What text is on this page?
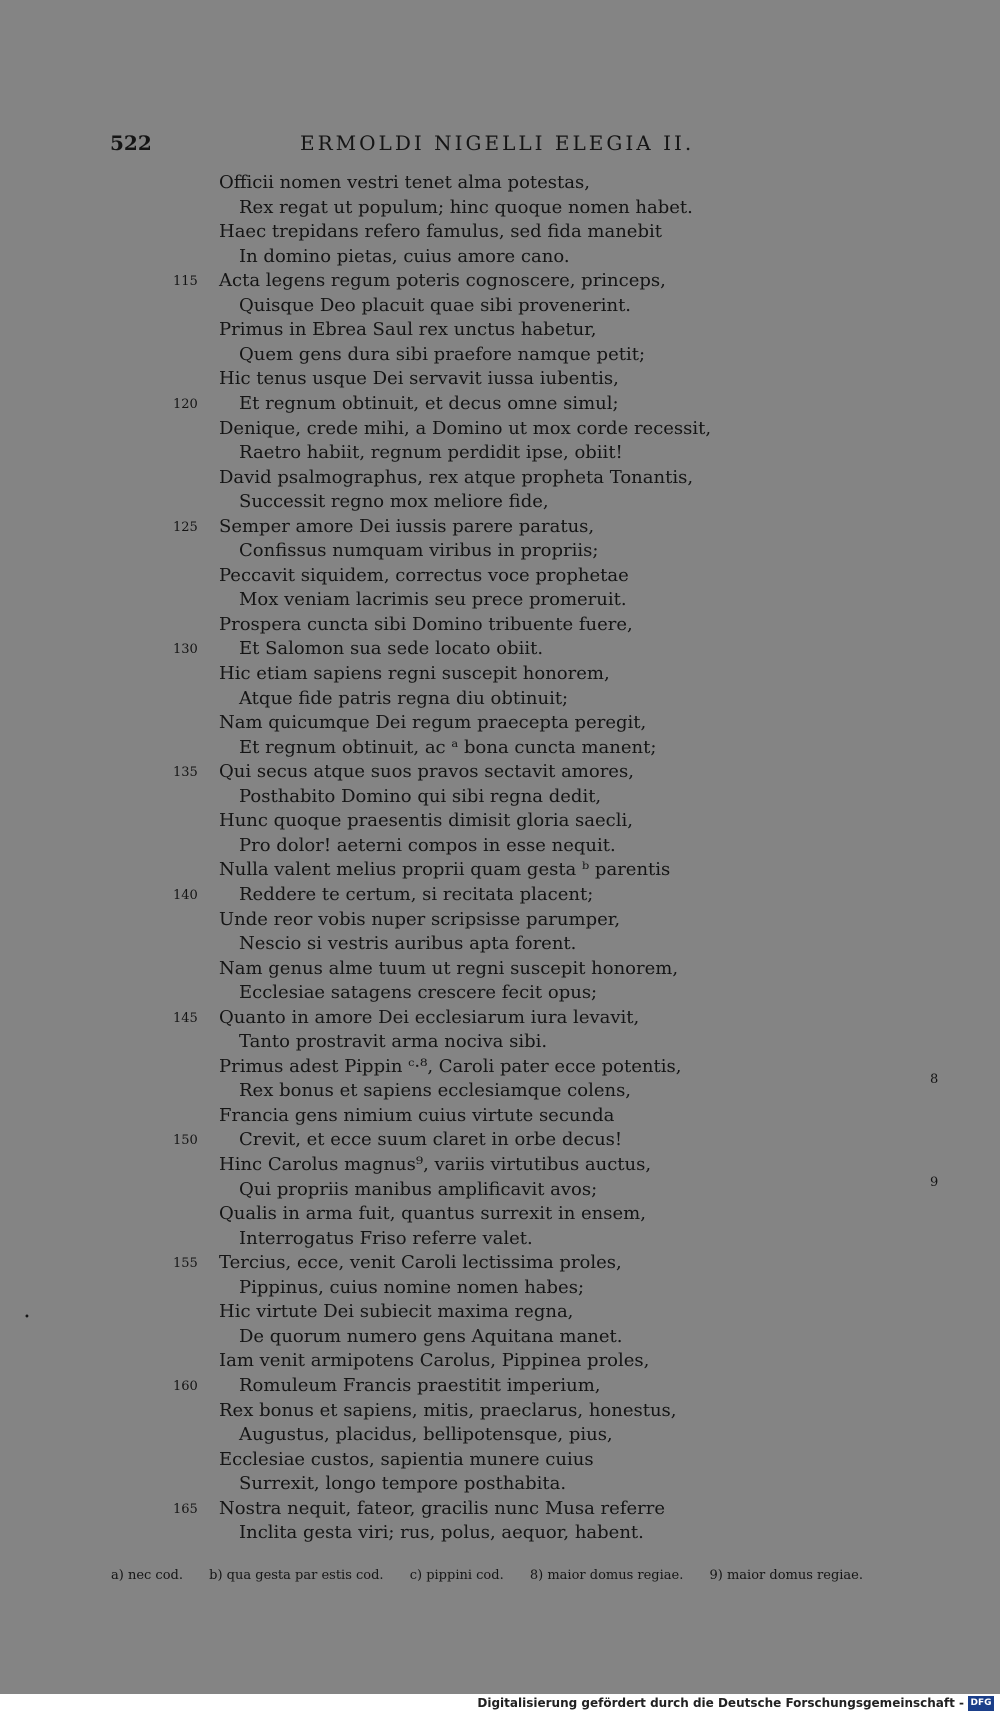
522	ERMOLDI NIGELLI ELEGIA II.
Officii nomen vestri tenet alma potestas,
Rex regat ut populum; hinc quoque nomen habet.
Haec trepidans refero famulus, sed fida manebit
In domino pietas, cuius amore cano.
Acta legens regum poteris cognoscere, princeps,
Quisque Deo placuit quae sibi provenerint.
Primus in Ebrea Saul rex unctus habetur,
Quem gens dura sibi praefore namque petit;
Hic tenus usque Dei servavit iussa iubentis,
Et regnum obtinuit, et decus omne simul;
Denique, crede mihi, a Domino ut mox corde recessit,
Raetro habiit, regnum perdidit ipse, obiit!
David psalmographus, rex atque propheta Tonantis,
Successit regno mox meliore fide,
Semper amore Dei iussis parere paratus,
Confissus numquam viribus in propriis;
Peccavit siquidem, correctus voce prophetae
Mox veniam lacrimis seu prece promeruit.
Prospera cuncta sibi Domino tribuente fuere,
Et Salomon sua sede locato obiit.
Hic etiam sapiens regni suscepit honorem,
Atque fide patris regna diu obtinuit;
Nam quicumque Dei regum praecepta peregit,
Et regnum obtinuit, ac ᵃ bona cuncta manent;
Qui secus atque suos pravos sectavit amores,
Posthabito Domino qui sibi regna dedit,
Hunc quoque praesentis dimisit gloria saecli,
Pro dolor! aeterni compos in esse nequit.
Nulla valent melius proprii quam gesta ᵇ parentis
Reddere te certum, si recitata placent;
Unde reor vobis nuper scripsisse parumper,
Nescio si vestris auribus apta forent.
Nam genus alme tuum ut regni suscepit honorem,
Ecclesiae satagens crescere fecit opus;
Quanto in amore Dei ecclesiarum iura levavit,
Tanto prostravit arma nociva sibi.
Primus adest Pippin ᶜ·⁸, Caroli pater ecce potentis,
Rex bonus et sapiens ecclesiamque colens,
Francia gens nimium cuius virtute secunda
Crevit, et ecce suum claret in orbe decus!
Hinc Carolus magnus⁹, variis virtutibus auctus,
Qui propriis manibus amplificavit avos;
Qualis in arma fuit, quantus surrexit in ensem,
Interrogatus Friso referre valet.
Tercius, ecce, venit Caroli lectissima proles,
Pippinus, cuius nomine nomen habes;
Hic virtute Dei subiecit maxima regna,
De quorum numero gens Aquitana manet.
Iam venit armipotens Carolus, Pippinea proles,
Romuleum Francis praestitit imperium,
Rex bonus et sapiens, mitis, praeclarus, honestus,
Augustus, placidus, bellipotensque, pius,
Ecclesiae custos, sapientia munere cuius
Surrexit, longo tempore posthabita.
Nostra nequit, fateor, gracilis nunc Musa referre
Inclita gesta viri; rus, polus, aequor, habent.
115
120
125
130
135
140
145
150
155
160
165
8
9
•
a) nec cod. b) qua gesta par estis cod. c) pippini cod. 8) maior domus regiae. 9) maior domus regiae.
Digitalisierung gefördert durch die Deutsche Forschungsgemeinschaft - DFG
